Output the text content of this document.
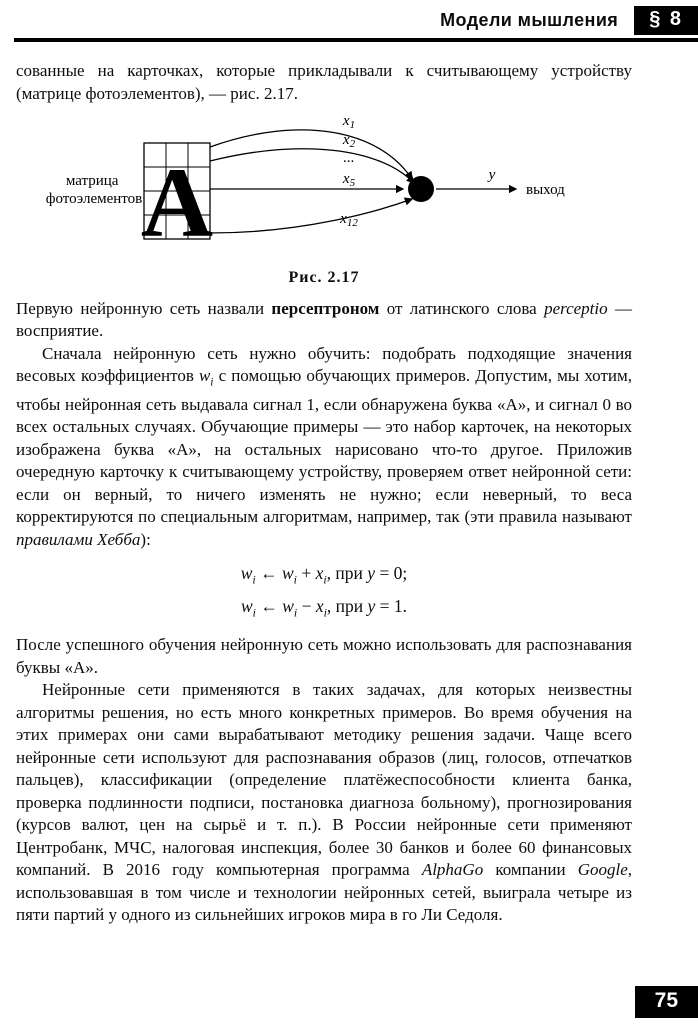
Модели мышления	§ 8

сованные на карточках, которые прикладывали к считывающему устройству (матрице фотоэлементов), — рис. 2.17.

матрица фотоэлементов
А
$x_1$
$x_2$
...
$x_5$
$x_{12}$
y
выход
Рис. 2.17

Первую нейронную сеть назвали персептроном от латинского слова perceptio — восприятие.

Сначала нейронную сеть нужно обучить: подобрать подходящие значения весовых коэффициентов $w_i$ с помощью обучающих примеров. Допустим, мы хотим, чтобы нейронная сеть выдавала сигнал 1, если обнаружена буква «А», и сигнал 0 во всех остальных случаях. Обучающие примеры — это набор карточек, на некоторых изображена буква «А», на остальных нарисовано что-то другое. Приложив очередную карточку к считывающему устройству, проверяем ответ нейронной сети: если он верный, то ничего изменять не нужно; если неверный, то веса корректируются по специальным алгоритмам, например, так (эти правила называют правилами Хебба):

$w_i$ ← $w_i + x_i$, при y = 0;
$w_i$ ← $w_i - x_i$, при y = 1.

После успешного обучения нейронную сеть можно использовать для распознавания буквы «А».

Нейронные сети применяются в таких задачах, для которых неизвестны алгоритмы решения, но есть много конкретных примеров. Во время обучения на этих примерах они сами вырабатывают методику решения задачи. Чаще всего нейронные сети используют для распознавания образов (лиц, голосов, отпечатков пальцев), классификации (определение платёжеспособности клиента банка, проверка подлинности подписи, постановка диагноза больному), прогнозирования (курсов валют, цен на сырьё и т. п.). В России нейронные сети применяют Центробанк, МЧС, налоговая инспекция, более 30 банков и более 60 финансовых компаний. В 2016 году компьютерная программа AlphaGo компании Google, использовавшая в том числе и технологии нейронных сетей, выиграла четыре из пяти партий у одного из сильнейших игроков мира в го Ли Седоля.

75
